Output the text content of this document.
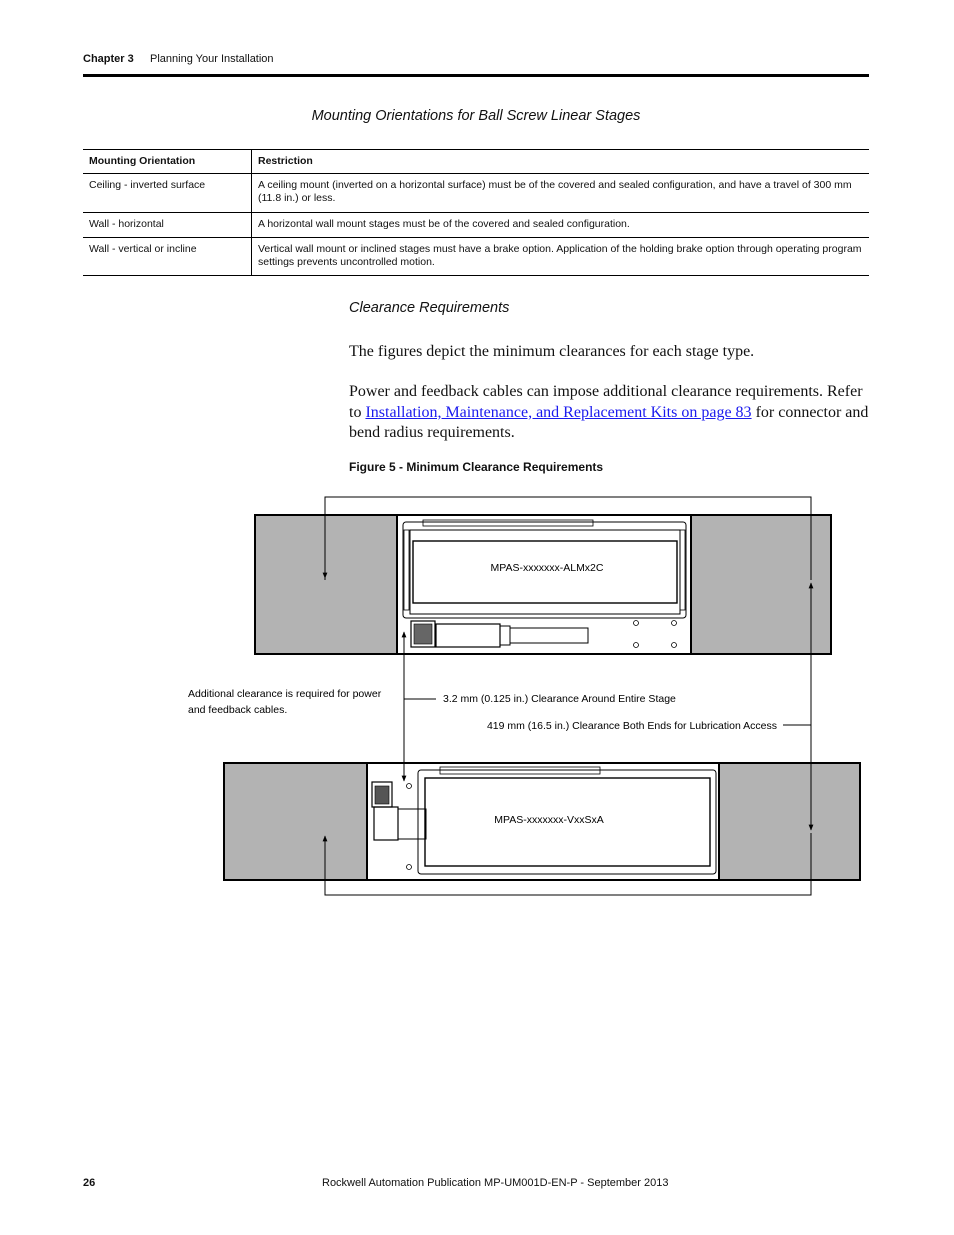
Chapter 3 Planning Your Installation
Mounting Orientations for Ball Screw Linear Stages
Mounting Orientation	Restriction
Ceiling - inverted surface	A ceiling mount (inverted on a horizontal surface) must be of the covered and sealed configuration, and have a travel of 300 mm (11.8 in.) or less.
Wall - horizontal	A horizontal wall mount stages must be of the covered and sealed configuration.
Wall - vertical or incline	Vertical wall mount or inclined stages must have a brake option. Application of the holding brake option through operating program settings prevents uncontrolled motion.
Clearance Requirements
The figures depict the minimum clearances for each stage type.
Power and feedback cables can impose additional clearance requirements. Refer to Installation, Maintenance, and Replacement Kits on page 83 for connector and bend radius requirements.
Figure 5 - Minimum Clearance Requirements
MPAS-xxxxxxx-ALMx2C
MPAS-xxxxxxx-VxxSxA
Additional clearance is required for power
and feedback cables.
3.2 mm (0.125 in.) Clearance Around Entire Stage
419 mm (16.5 in.) Clearance Both Ends for Lubrication Access
26	Rockwell Automation Publication MP-UM001D-EN-P - September 2013
